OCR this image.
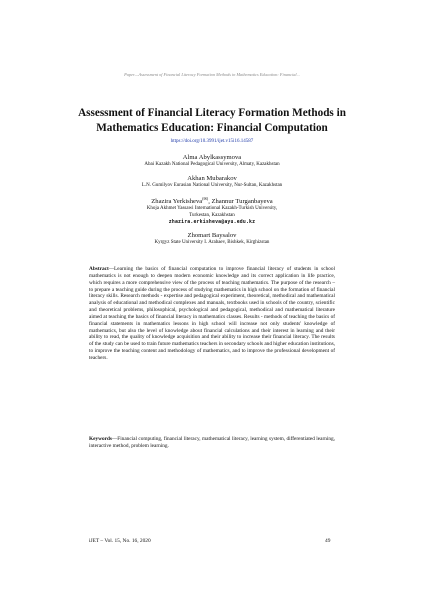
Paper—Assessment of Financial Literacy Formation Methods in Mathematics Education: Financial...
Assessment of Financial Literacy Formation Methods in Mathematics Education: Financial Computation
https://doi.org/10.3991/ijet.v15i16.14587
Alma Abylkassymova
Abai Kazakh National Pedagogical University, Almaty, Kazakhstan
Akhan Mubarakov
L.N. Gumilyov Eurasian National University, Nur-Sultan, Kazakhstan
Zhazira Yerkisheva(✉), Zhannur Turganbayeva
Khoja Akhmet Yassawi International Kazakh-Turkish University,
Turkestan, Kazakhstan
zhazira.erkisheva@ayu.edu.kz
Zhomart Baysalov
Kyrgyz State University I. Arabaev, Bishkek, Kirghizstan
Abstract—Learning the basics of financial computation to improve financial literacy of students in school mathematics is not enough to deepen modern economic knowledge and its correct application in life practice, which requires a more comprehensive view of the process of teaching mathematics. The purpose of the research – to prepare a teaching guide during the process of studying mathematics in high school on the formation of financial literacy skills. Research methods - expertise and pedagogical experiment, theoretical, methodical and mathematical analysis of educational and methodical complexes and manuals, textbooks used in schools of the country, scientific and theoretical problems, philosophical, psychological and pedagogical, methodical and mathematical literature aimed at teaching the basics of financial literacy in mathematics classes. Results - methods of teaching the basics of financial statements in mathematics lessons in high school will increase not only students' knowledge of mathematics, but also the level of knowledge about financial calculations and their interest in learning and their ability to read, the quality of knowledge acquisition and their ability to increase their financial literacy. The results of the study can be used to train future mathematics teachers in secondary schools and higher education institutions, to improve the teaching content and methodology of mathematics, and to improve the professional development of teachers.
Keywords—Financial computing, financial literacy, mathematical literacy, learning system, differentiated learning, interactive method, problem learning.
iJET ‒ Vol. 15, No. 16, 2020	49
